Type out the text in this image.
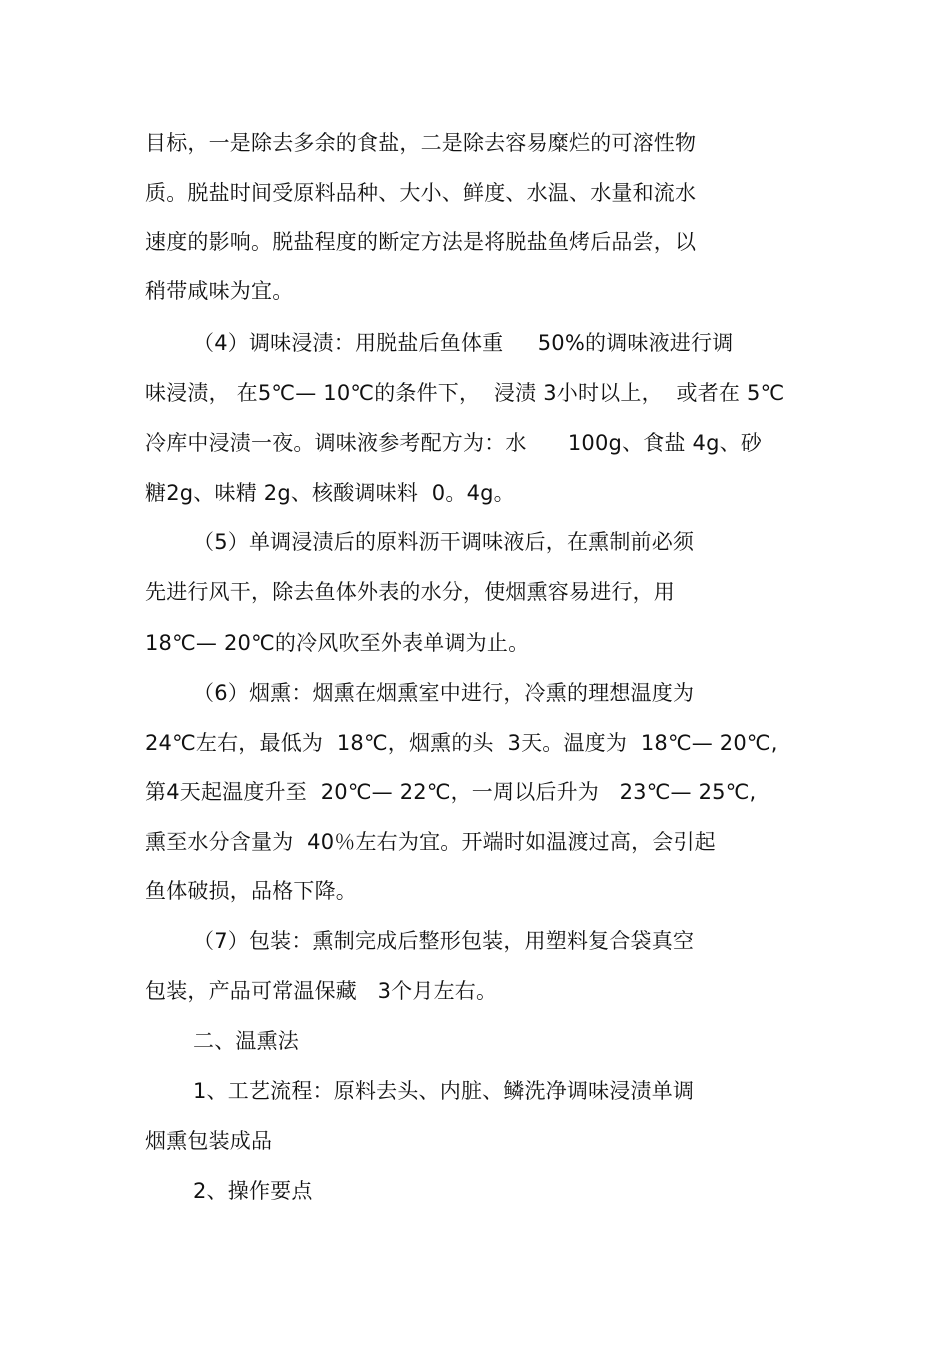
目标，一是除去多余的食盐，二是除去容易糜烂的可溶性物
质。脱盐时间受原料品种、大小、鲜度、水温、水量和流水
速度的影响。脱盐程度的断定方法是将脱盐鱼烤后品尝，以
稍带咸味为宜。
（4）调味浸渍：用脱盐后鱼体重     50%的调味液进行调
味浸渍， 在5℃— 10℃的条件下，  浸渍 3小时以上，  或者在 5℃
冷库中浸渍一夜。调味液参考配方为：水      100g、食盐 4g、砂
糖2g、味精 2g、核酸调味料  0。4g。
（5）单调浸渍后的原料沥干调味液后，在熏制前必须
先进行风干，除去鱼体外表的水分，使烟熏容易进行，用
18℃— 20℃的冷风吹至外表单调为止。
（6）烟熏：烟熏在烟熏室中进行，冷熏的理想温度为
24℃左右，最低为  18℃，烟熏的头  3天。温度为  18℃— 20℃,
第4天起温度升至  20℃— 22℃，一周以后升为   23℃— 25℃,
熏至水分含量为  40％左右为宜。开端时如温渡过高，会引起
鱼体破损，品格下降。
（7）包装：熏制完成后整形包装，用塑料复合袋真空
包装，产品可常温保藏   3个月左右。
二、温熏法
1、工艺流程：原料去头、内脏、鳞洗净调味浸渍单调
烟熏包装成品
2、操作要点
